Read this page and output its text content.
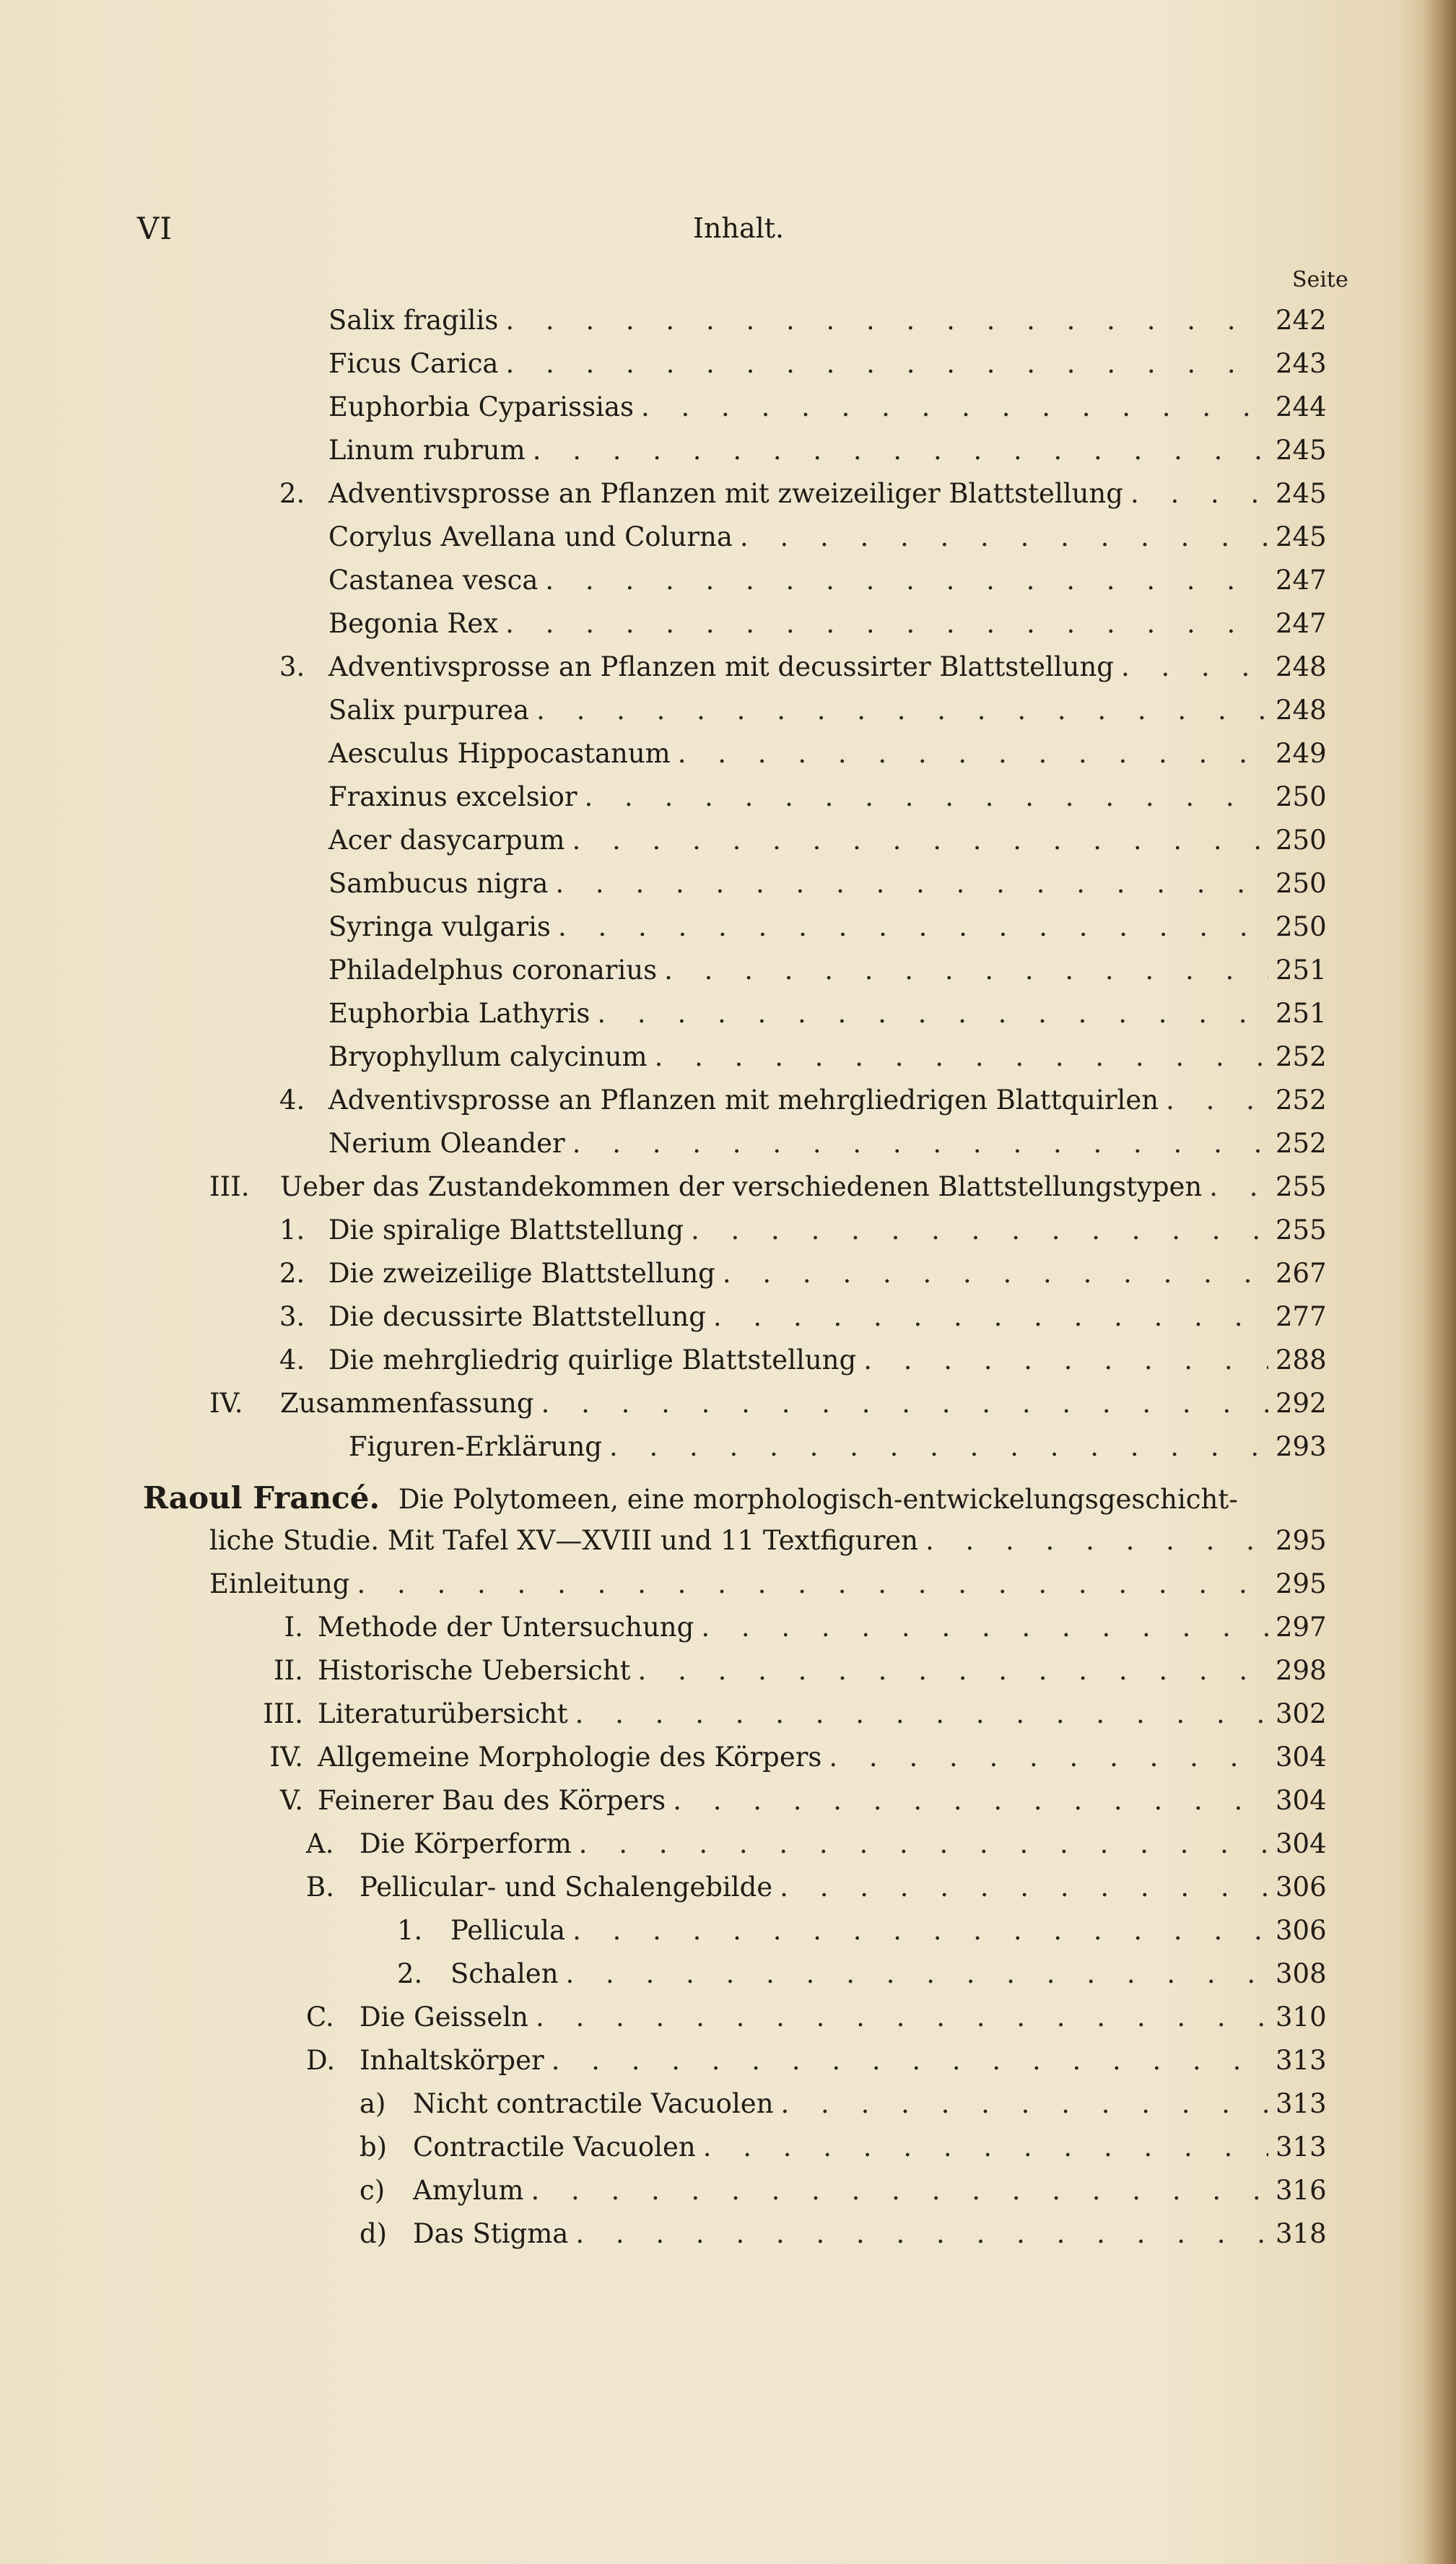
VI	Inhalt.
Seite
Salix fragilis . . .	242
Ficus Carica . . .	243
Euphorbia Cyparissias . . .	244
Linum rubrum . . .	245
2. Adventivsprosse an Pflanzen mit zweizeiliger Blattstellung . . .	245
Corylus Avellana und Colurna . . .	245
Castanea vesca . . .	247
Begonia Rex . . .	247
3. Adventivsprosse an Pflanzen mit decussirter Blattstellung . . .	248
Salix purpurea . . .	248
Aesculus Hippocastanum . . .	249
Fraxinus excelsior . . .	250
Acer dasycarpum . . .	250
Sambucus nigra . . .	250
Syringa vulgaris . . .	250
Philadelphus coronarius . . .	251
Euphorbia Lathyris . . .	251
Bryophyllum calycinum . . .	252
4. Adventivsprosse an Pflanzen mit mehrgliedrigen Blattquirlen . . .	252
Nerium Oleander . . .	252
III.	Ueber das Zustandekommen der verschiedenen Blattstellungstypen . . .	255
1. Die spiralige Blattstellung . . .	255
2. Die zweizeilige Blattstellung . . .	267
3. Die decussirte Blattstellung . . .	277
4. Die mehrgliedrig quirlige Blattstellung . . .	288
IV.	Zusammenfassung . . .	292
Figuren-Erklärung . . .	293
Raoul Francé. Die Polytomeen, eine morphologisch-entwickelungsgeschicht-
liche Studie. Mit Tafel XV—XVIII und 11 Textfiguren . . .	295
Einleitung . . .	295
I. Methode der Untersuchung . . .	297
II. Historische Uebersicht . . .	298
III. Literaturübersicht . . .	302
IV. Allgemeine Morphologie des Körpers . . .	304
V. Feinerer Bau des Körpers . . .	304
A. Die Körperform . . .	304
B. Pellicular- und Schalengebilde . . .	306
1.	Pellicula . . .	306
2.	Schalen . . .	308
C. Die Geisseln . . .	310
D. Inhaltskörper . . .	313
a)	Nicht contractile Vacuolen . . .	313
b) Contractile Vacuolen . . .	313
c)	Amylum . . .	316
d) Das Stigma . . .	318
